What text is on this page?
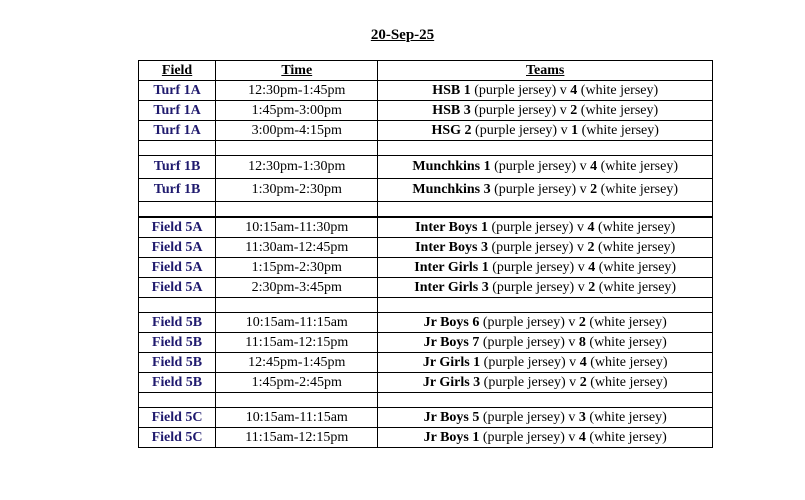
20-Sep-25
Field	Time	Teams
Turf 1A	12:30pm-1:45pm	HSB 1 (purple jersey) v 4 (white jersey)
Turf 1A	1:45pm-3:00pm	HSB 3 (purple jersey) v 2 (white jersey)
Turf 1A	3:00pm-4:15pm	HSG 2 (purple jersey) v 1 (white jersey)

Turf 1B	12:30pm-1:30pm	Munchkins 1 (purple jersey) v 4 (white jersey)
Turf 1B	1:30pm-2:30pm	Munchkins 3 (purple jersey) v 2 (white jersey)

Field 5A	10:15am-11:30pm	Inter Boys 1 (purple jersey) v 4 (white jersey)
Field 5A	11:30am-12:45pm	Inter Boys 3 (purple jersey) v 2 (white jersey)
Field 5A	1:15pm-2:30pm	Inter Girls 1 (purple jersey) v 4 (white jersey)
Field 5A	2:30pm-3:45pm	Inter Girls 3 (purple jersey) v 2 (white jersey)

Field 5B	10:15am-11:15am	Jr Boys 6 (purple jersey) v 2 (white jersey)
Field 5B	11:15am-12:15pm	Jr Boys 7 (purple jersey) v 8 (white jersey)
Field 5B	12:45pm-1:45pm	Jr Girls 1 (purple jersey) v 4 (white jersey)
Field 5B	1:45pm-2:45pm	Jr Girls 3 (purple jersey) v 2 (white jersey)

Field 5C	10:15am-11:15am	Jr Boys 5 (purple jersey) v 3 (white jersey)
Field 5C	11:15am-12:15pm	Jr Boys 1 (purple jersey) v 4 (white jersey)
